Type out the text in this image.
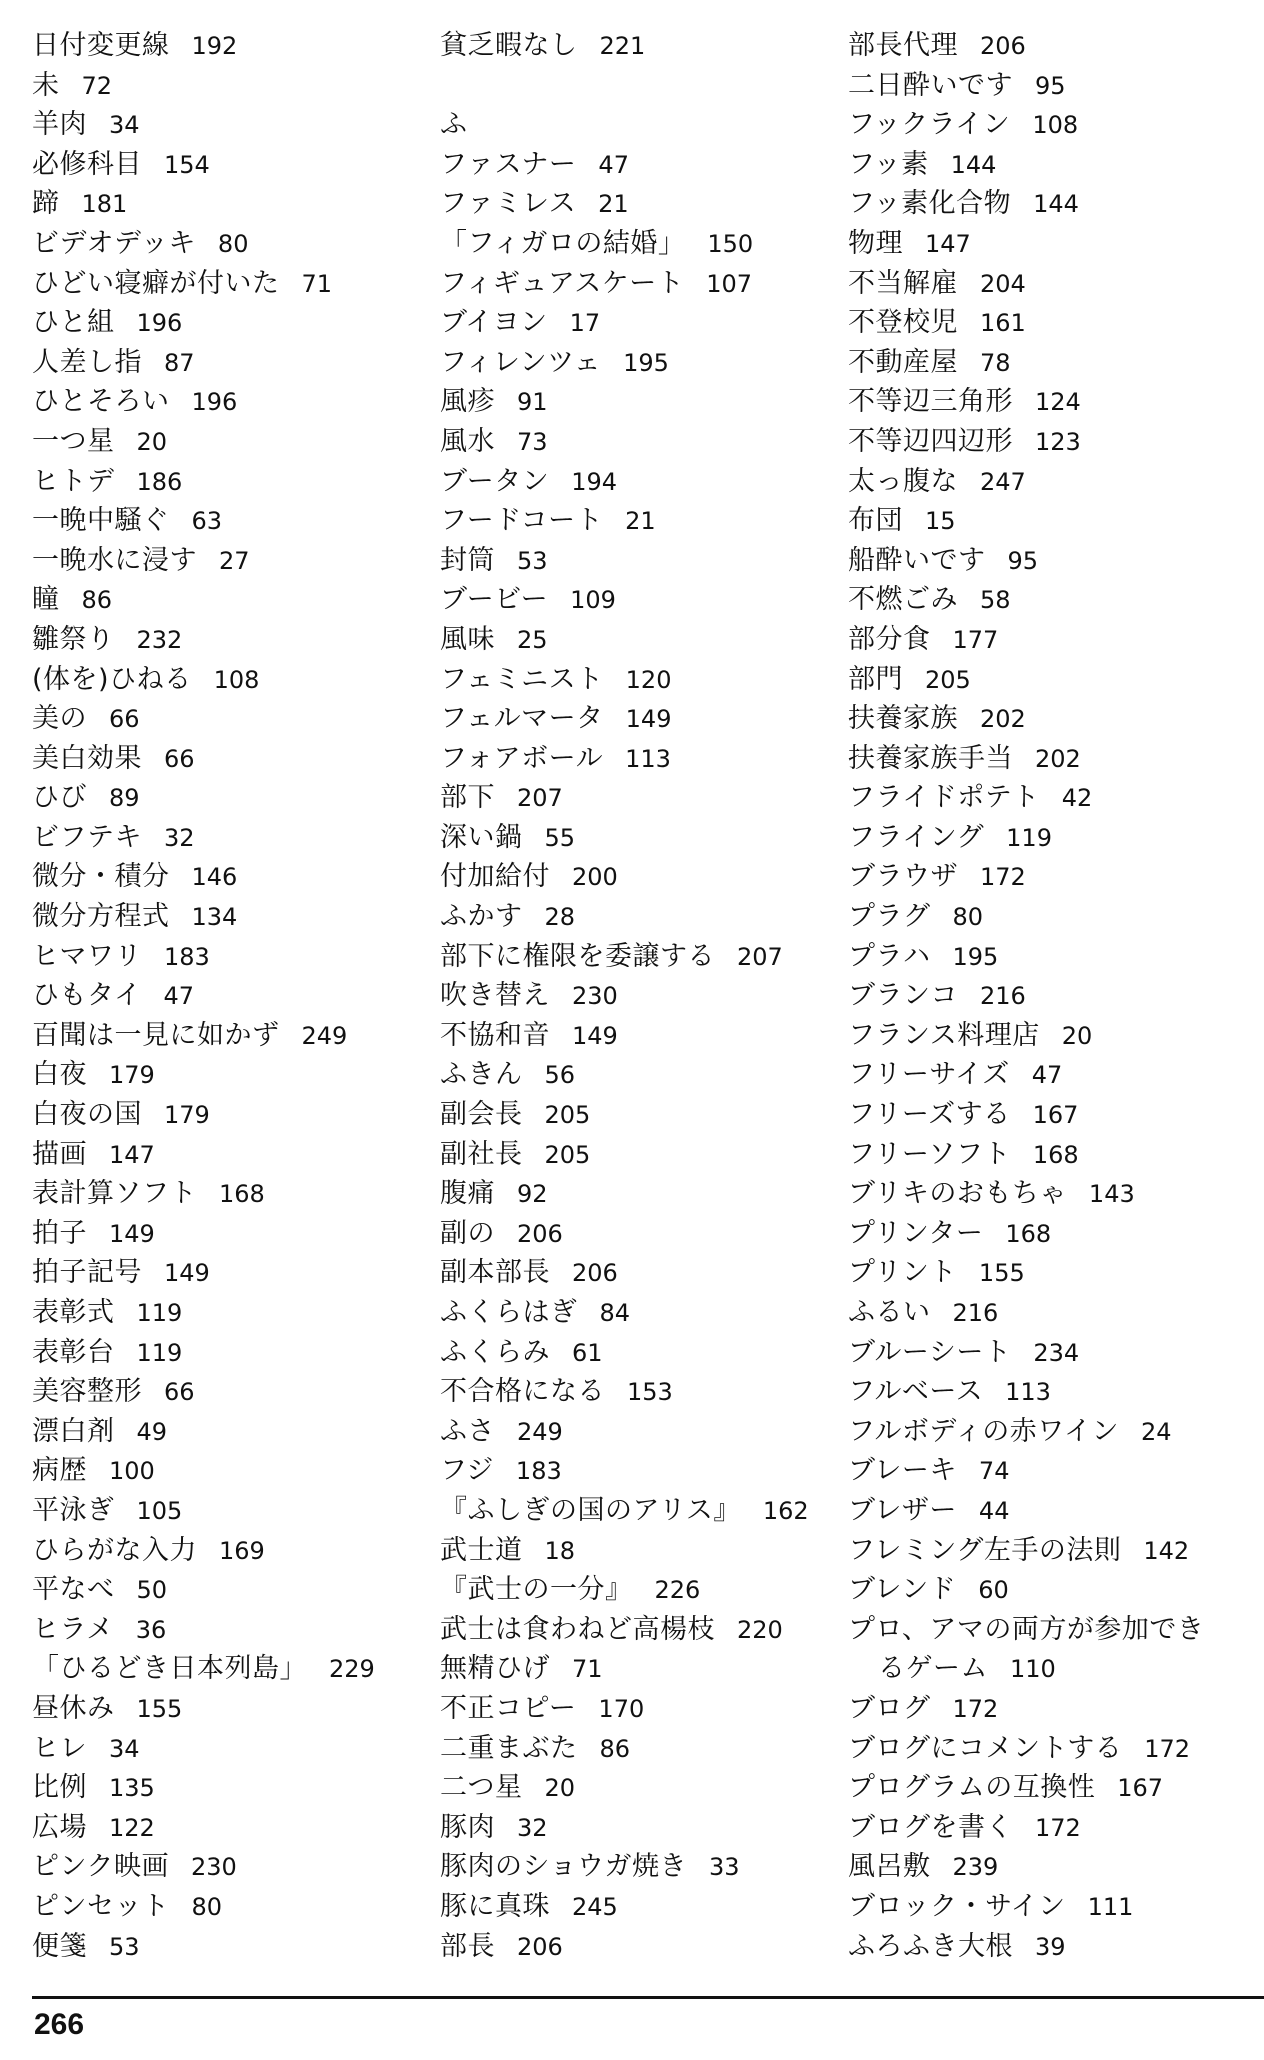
日付変更線 192
未 72
羊肉 34
必修科目 154
蹄 181
ビデオデッキ 80
ひどい寝癖が付いた 71
ひと組 196
人差し指 87
ひとそろい 196
一つ星 20
ヒトデ 186
一晩中騒ぐ 63
一晩水に浸す 27
瞳 86
雛祭り 232
(体を)ひねる 108
美の 66
美白効果 66
ひび 89
ビフテキ 32
微分・積分 146
微分方程式 134
ヒマワリ 183
ひもタイ 47
百聞は一見に如かず 249
白夜 179
白夜の国 179
描画 147
表計算ソフト 168
拍子 149
拍子記号 149
表彰式 119
表彰台 119
美容整形 66
漂白剤 49
病歴 100
平泳ぎ 105
ひらがな入力 169
平なべ 50
ヒラメ 36
「ひるどき日本列島」 229
昼休み 155
ヒレ 34
比例 135
広場 122
ピンク映画 230
ピンセット 80
便箋 53
貧乏暇なし 221
ふ
ファスナー 47
ファミレス 21
「フィガロの結婚」 150
フィギュアスケート 107
ブイヨン 17
フィレンツェ 195
風疹 91
風水 73
ブータン 194
フードコート 21
封筒 53
ブービー 109
風味 25
フェミニスト 120
フェルマータ 149
フォアボール 113
部下 207
深い鍋 55
付加給付 200
ふかす 28
部下に権限を委譲する 207
吹き替え 230
不協和音 149
ふきん 56
副会長 205
副社長 205
腹痛 92
副の 206
副本部長 206
ふくらはぎ 84
ふくらみ 61
不合格になる 153
ふさ 249
フジ 183
『ふしぎの国のアリス』 162
武士道 18
『武士の一分』 226
武士は食わねど高楊枝 220
無精ひげ 71
不正コピー 170
二重まぶた 86
二つ星 20
豚肉 32
豚肉のショウガ焼き 33
豚に真珠 245
部長 206
部長代理 206
二日酔いです 95
フックライン 108
フッ素 144
フッ素化合物 144
物理 147
不当解雇 204
不登校児 161
不動産屋 78
不等辺三角形 124
不等辺四辺形 123
太っ腹な 247
布団 15
船酔いです 95
不燃ごみ 58
部分食 177
部門 205
扶養家族 202
扶養家族手当 202
フライドポテト 42
フライング 119
ブラウザ 172
プラグ 80
プラハ 195
ブランコ 216
フランス料理店 20
フリーサイズ 47
フリーズする 167
フリーソフト 168
ブリキのおもちゃ 143
プリンター 168
プリント 155
ふるい 216
ブルーシート 234
フルベース 113
フルボディの赤ワイン 24
ブレーキ 74
ブレザー 44
フレミング左手の法則 142
ブレンド 60
プロ、アマの両方が参加でき
るゲーム 110
ブログ 172
ブログにコメントする 172
プログラムの互換性 167
ブログを書く 172
風呂敷 239
ブロック・サイン 111
ふろふき大根 39
266
